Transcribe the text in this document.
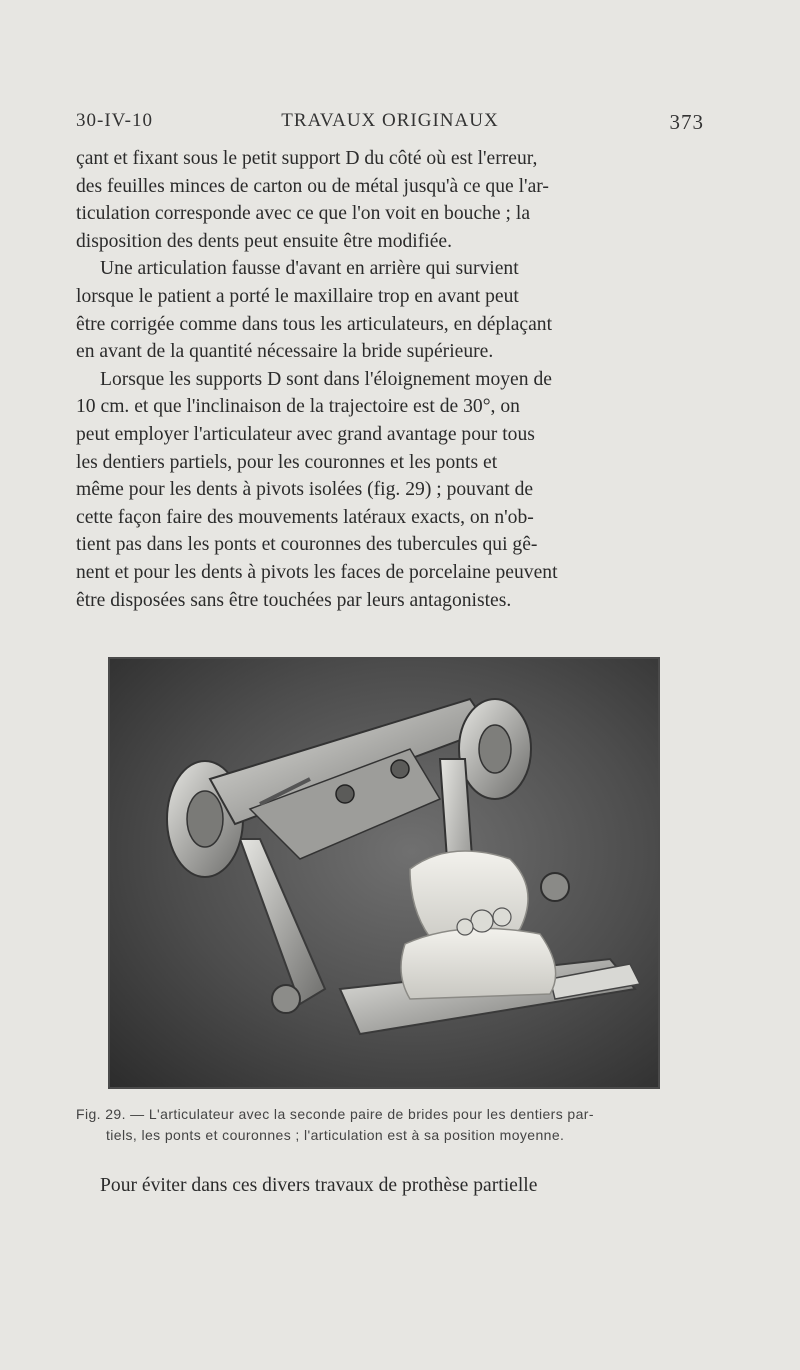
30-IV-10	TRAVAUX ORIGINAUX	373

çant et fixant sous le petit support D du côté où est l'erreur,
des feuilles minces de carton ou de métal jusqu'à ce que l'ar-
ticulation corresponde avec ce que l'on voit en bouche ; la
disposition des dents peut ensuite être modifiée.

Une articulation fausse d'avant en arrière qui survient
lorsque le patient a porté le maxillaire trop en avant peut
être corrigée comme dans tous les articulateurs, en déplaçant
en avant de la quantité nécessaire la bride supérieure.

Lorsque les supports D sont dans l'éloignement moyen de
10 cm. et que l'inclinaison de la trajectoire est de 30°, on
peut employer l'articulateur avec grand avantage pour tous
les dentiers partiels, pour les couronnes et les ponts et
même pour les dents à pivots isolées (fig. 29) ; pouvant de
cette façon faire des mouvements latéraux exacts, on n'ob-
tient pas dans les ponts et couronnes des tubercules qui gê-
nent et pour les dents à pivots les faces de porcelaine peuvent
être disposées sans être touchées par leurs antagonistes.

Fig. 29. — L'articulateur avec la seconde paire de brides pour les dentiers par-
tiels, les ponts et couronnes ; l'articulation est à sa position moyenne.
Pour éviter dans ces divers travaux de prothèse partielle
